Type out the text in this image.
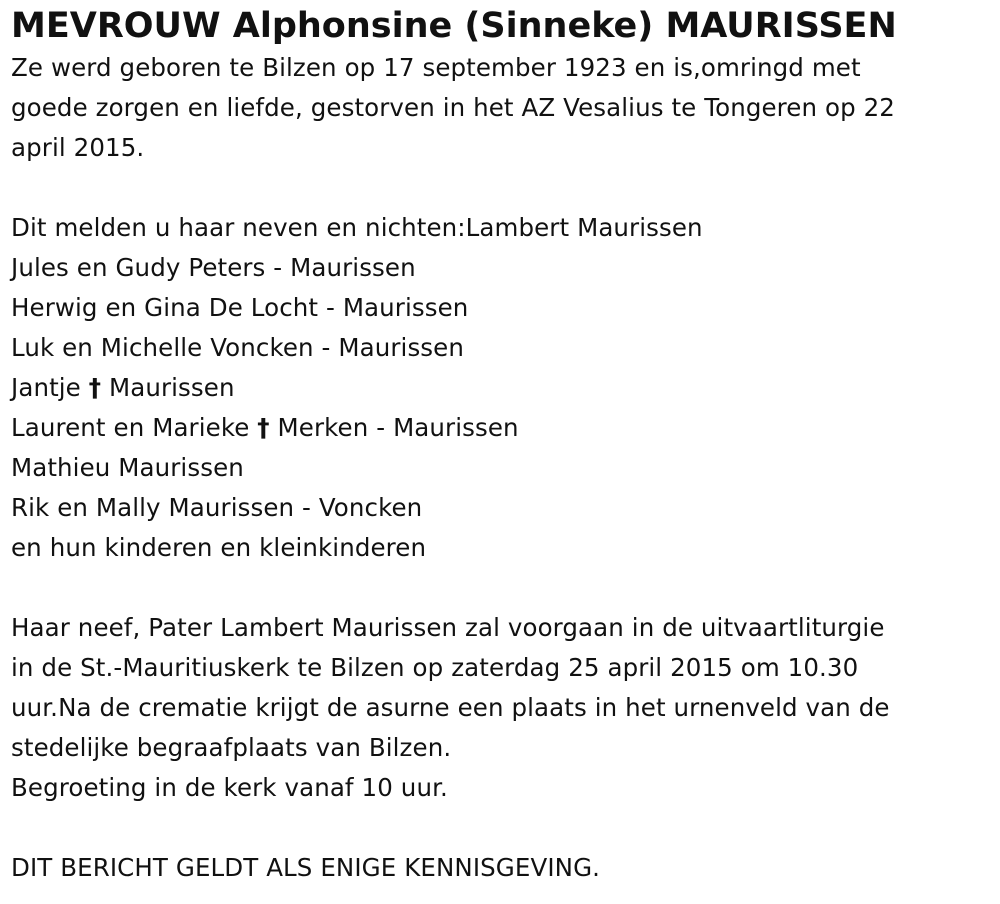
MEVROUW Alphonsine (Sinneke) MAURISSEN
Ze werd geboren te Bilzen op 17 september 1923 en is,omringd met
goede zorgen en liefde, gestorven in het AZ Vesalius te Tongeren op 22
april 2015.
Dit melden u haar neven en nichten:Lambert Maurissen
Jules en Gudy Peters - Maurissen
Herwig en Gina De Locht - Maurissen
Luk en Michelle Voncken - Maurissen
Jantje † Maurissen
Laurent en Marieke † Merken - Maurissen
Mathieu Maurissen
Rik en Mally Maurissen - Voncken
en hun kinderen en kleinkinderen
Haar neef, Pater Lambert Maurissen zal voorgaan in de uitvaartliturgie
in de St.-Mauritiuskerk te Bilzen op zaterdag 25 april 2015 om 10.30
uur.Na de crematie krijgt de asurne een plaats in het urnenveld van de
stedelijke begraafplaats van Bilzen.
Begroeting in de kerk vanaf 10 uur.
DIT BERICHT GELDT ALS ENIGE KENNISGEVING.
